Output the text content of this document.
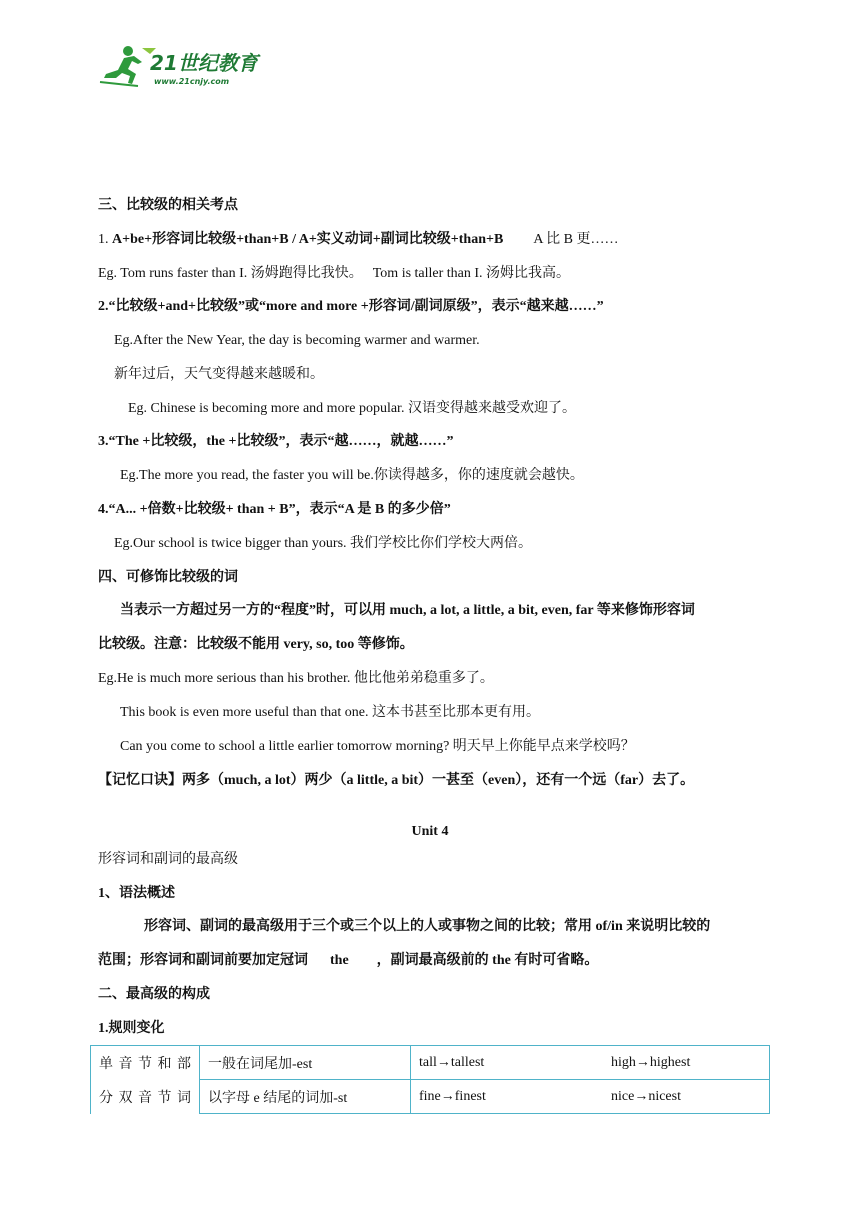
21世纪教育
www.21cnjy.com
三、比较级的相关考点
1. A+be+形容词比较级+than+B / A+实义动词+副词比较级+than+B A 比 B 更……
Eg. Tom runs faster than I. 汤姆跑得比我快。 Tom is taller than I. 汤姆比我高。
2.“比较级+and+比较级”或“more and more +形容词/副词原级”，表示“越来越……”
Eg.After the New Year, the day is becoming warmer and warmer.
新年过后，天气变得越来越暖和。
Eg. Chinese is becoming more and more popular. 汉语变得越来越受欢迎了。
3.“The +比较级，the +比较级”，表示“越……，就越……”
Eg.The more you read, the faster you will be.你读得越多，你的速度就会越快。
4.“A... +倍数+比较级+ than + B”，表示“A 是 B 的多少倍”
Eg.Our school is twice bigger than yours. 我们学校比你们学校大两倍。
四、可修饰比较级的词
当表示一方超过另一方的“程度”时，可以用 much, a lot, a little, a bit, even, far 等来修饰形容词
比较级。注意：比较级不能用 very, so, too 等修饰。
Eg.He is much more serious than his brother. 他比他弟弟稳重多了。
This book is even more useful than that one. 这本书甚至比那本更有用。
Can you come to school a little earlier tomorrow morning? 明天早上你能早点来学校吗？
【记忆口诀】两多（much, a lot）两少（a little, a bit）一甚至（even），还有一个远（far）去了。
Unit 4
形容词和副词的最高级
1、语法概述
形容词、副词的最高级用于三个或三个以上的人或事物之间的比较；常用 of/in 来说明比较的
范围；形容词和副词前要加定冠词 the ，副词最高级前的 the 有时可省略。
二、最高级的构成
1.规则变化
单音节和部	一般在词尾加-est	tall→tallest high→highest
分双音节词	以字母 e 结尾的词加-st	fine→finest nice→nicest
